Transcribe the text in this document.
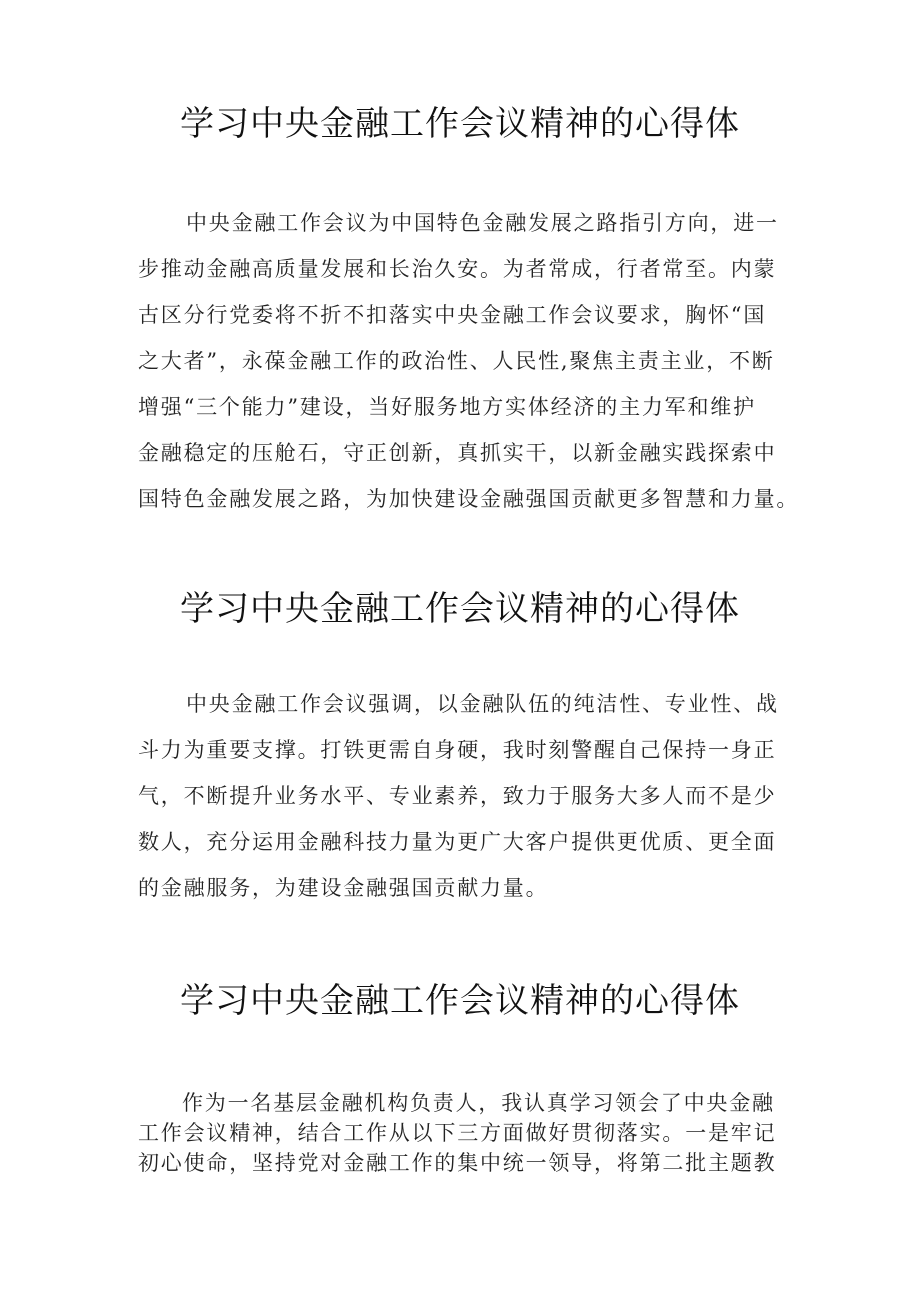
学习中央金融工作会议精神的心得体
中央金融工作会议为中国特色金融发展之路指引方向，进一
步推动金融高质量发展和长治久安。为者常成，行者常至。内蒙
古区分行党委将不折不扣落实中央金融工作会议要求，胸怀“国
之大者”，永葆金融工作的政治性、人民性,聚焦主责主业，不断
增强“三个能力”建设，当好服务地方实体经济的主力军和维护
金融稳定的压舱石，守正创新，真抓实干，以新金融实践探索中
国特色金融发展之路，为加快建设金融强国贡献更多智慧和力量。
学习中央金融工作会议精神的心得体
中央金融工作会议强调，以金融队伍的纯洁性、专业性、战
斗力为重要支撑。打铁更需自身硬，我时刻警醒自己保持一身正
气，不断提升业务水平、专业素养，致力于服务大多人而不是少
数人，充分运用金融科技力量为更广大客户提供更优质、更全面
的金融服务，为建设金融强国贡献力量。
学习中央金融工作会议精神的心得体
作为一名基层金融机构负责人，我认真学习领会了中央金融
工作会议精神，结合工作从以下三方面做好贯彻落实。一是牢记
初心使命，坚持党对金融工作的集中统一领导，将第二批主题教
